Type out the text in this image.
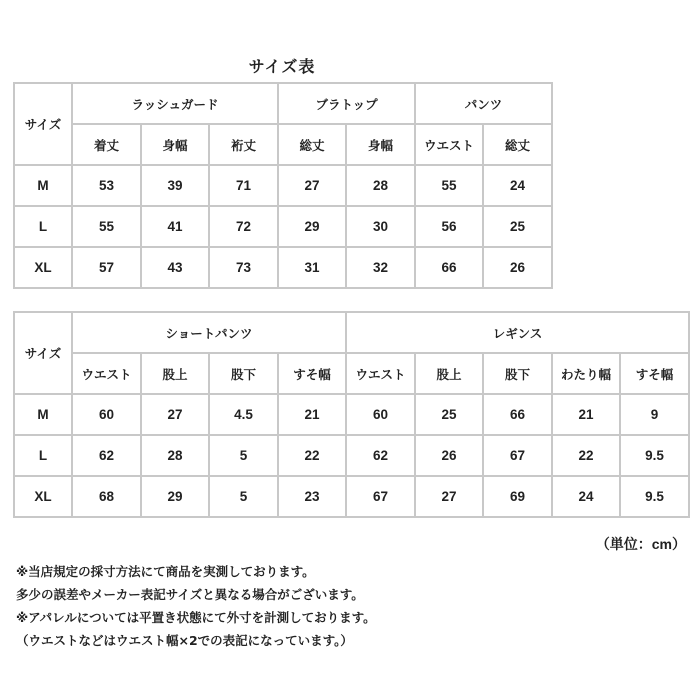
サイズ表
サイズ	ラッシュガード			ブラトップ		パンツ	
	着丈	身幅	裄丈	総丈	身幅	ウエスト	総丈
M	53	39	71	27	28	55	24
L	55	41	72	29	30	56	25
XL	57	43	73	31	32	66	26
サイズ	ショートパンツ				レギンス				
	ウエスト	股上	股下	すそ幅	ウエスト	股上	股下	わたり幅	すそ幅
M	60	27	4.5	21	60	25	66	21	9
L	62	28	5	22	62	26	67	22	9.5
XL	68	29	5	23	67	27	69	24	9.5
（単位：cm）
※当店規定の採寸方法にて商品を実測しております。
多少の誤差やメーカー表記サイズと異なる場合がございます。
※アパレルについては平置き状態にて外寸を計測しております。
（ウエストなどはウエスト幅×2での表記になっています。）
